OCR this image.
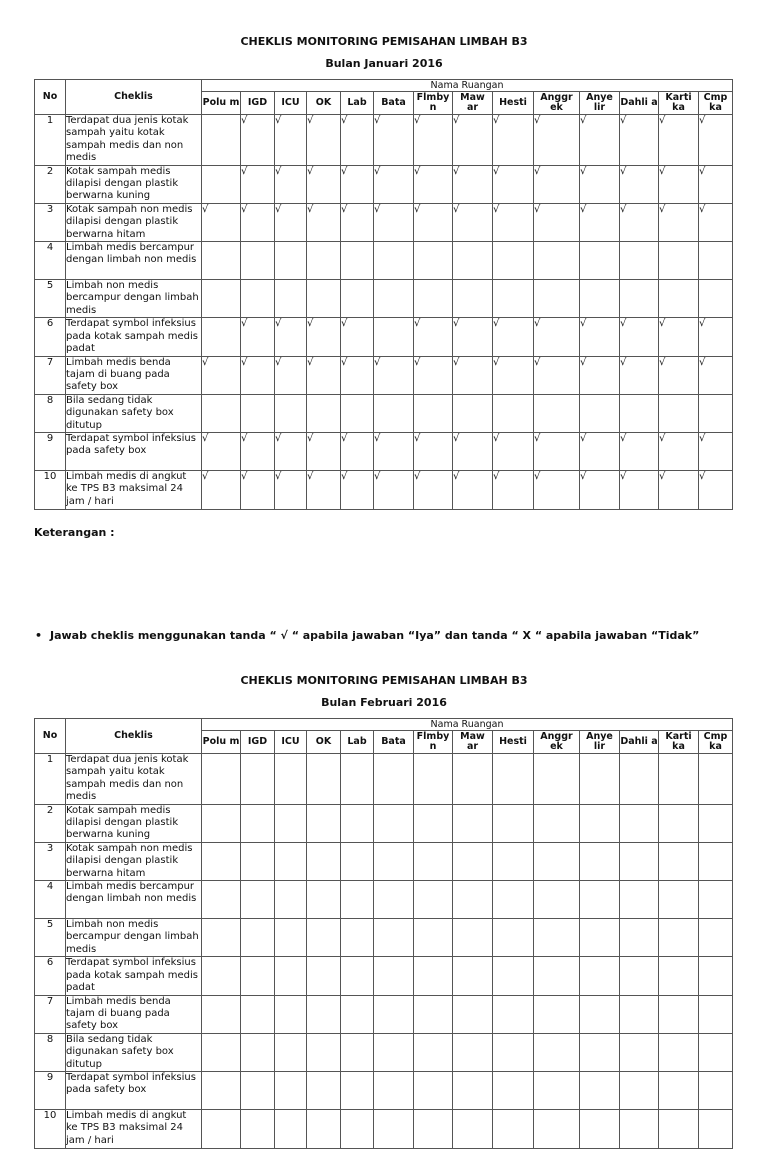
CHEKLIS MONITORING PEMISAHAN LIMBAH B3
Bulan Januari 2016
No	Cheklis	Nama Ruangan													
		Polu m	IGD	ICU	OK	Lab	Bata	Flmby n	Maw ar	Hesti	Anggr ek	Anye lir	Dahli a	Karti ka	Cmp ka
1	Terdapat dua jenis kotak sampah yaitu kotak sampah medis dan non medis		√	√	√	√	√	√	√	√	√	√	√	√	√
2	Kotak sampah medis dilapisi dengan plastik berwarna kuning		√	√	√	√	√	√	√	√	√	√	√	√	√
3	Kotak sampah non medis dilapisi dengan plastik berwarna hitam	√	√	√	√	√	√	√	√	√	√	√	√	√	√
4	Limbah medis bercampur dengan limbah non medis														
5	Limbah non medis bercampur dengan limbah medis														
6	Terdapat symbol infeksius pada kotak sampah medis padat		√	√	√	√		√	√	√	√	√	√	√	√
7	Limbah medis benda tajam di buang pada safety box	√	√	√	√	√	√	√	√	√	√	√	√	√	√
8	Bila sedang tidak digunakan safety box ditutup														
9	Terdapat symbol infeksius pada safety box	√	√	√	√	√	√	√	√	√	√	√	√	√	√
10	Limbah medis di angkut ke TPS B3 maksimal 24 jam / hari	√	√	√	√	√	√	√	√	√	√	√	√	√	√
Keterangan :
• Jawab cheklis menggunakan tanda “ √ “ apabila jawaban “Iya” dan tanda “ X “ apabila jawaban “Tidak”
CHEKLIS MONITORING PEMISAHAN LIMBAH B3
Bulan Februari 2016
No	Cheklis	Nama Ruangan													
		Polu m	IGD	ICU	OK	Lab	Bata	Flmby n	Maw ar	Hesti	Anggr ek	Anye lir	Dahli a	Karti ka	Cmp ka
1	Terdapat dua jenis kotak sampah yaitu kotak sampah medis dan non medis														
2	Kotak sampah medis dilapisi dengan plastik berwarna kuning														
3	Kotak sampah non medis dilapisi dengan plastik berwarna hitam														
4	Limbah medis bercampur dengan limbah non medis														
5	Limbah non medis bercampur dengan limbah medis														
6	Terdapat symbol infeksius pada kotak sampah medis padat														
7	Limbah medis benda tajam di buang pada safety box														
8	Bila sedang tidak digunakan safety box ditutup														
9	Terdapat symbol infeksius pada safety box														
10	Limbah medis di angkut ke TPS B3 maksimal 24 jam / hari														
